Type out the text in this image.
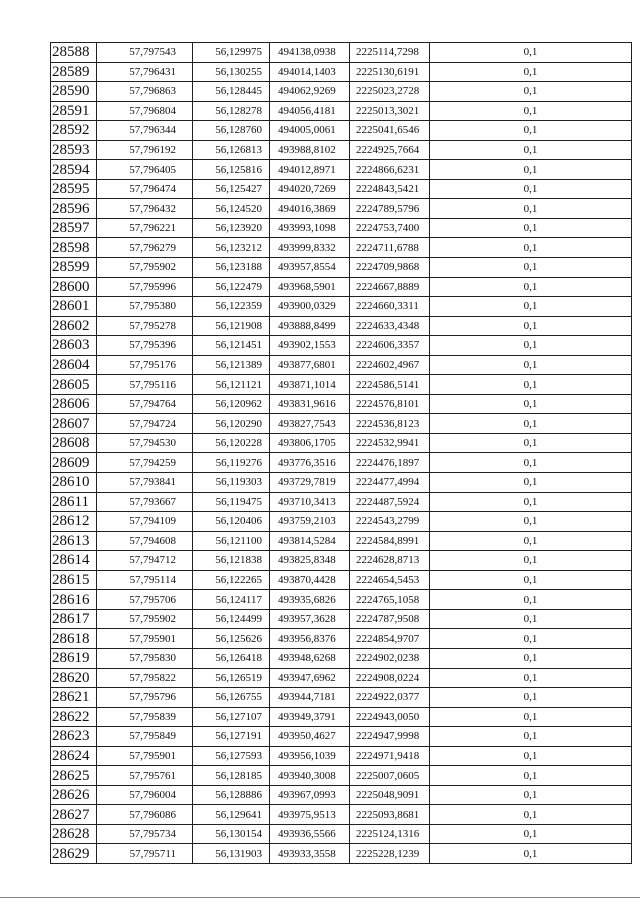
28588	57,797543	56,129975	494138,0938	2225114,7298	0,1
28589	57,796431	56,130255	494014,1403	2225130,6191	0,1
28590	57,796863	56,128445	494062,9269	2225023,2728	0,1
28591	57,796804	56,128278	494056,4181	2225013,3021	0,1
28592	57,796344	56,128760	494005,0061	2225041,6546	0,1
28593	57,796192	56,126813	493988,8102	2224925,7664	0,1
28594	57,796405	56,125816	494012,8971	2224866,6231	0,1
28595	57,796474	56,125427	494020,7269	2224843,5421	0,1
28596	57,796432	56,124520	494016,3869	2224789,5796	0,1
28597	57,796221	56,123920	493993,1098	2224753,7400	0,1
28598	57,796279	56,123212	493999,8332	2224711,6788	0,1
28599	57,795902	56,123188	493957,8554	2224709,9868	0,1
28600	57,795996	56,122479	493968,5901	2224667,8889	0,1
28601	57,795380	56,122359	493900,0329	2224660,3311	0,1
28602	57,795278	56,121908	493888,8499	2224633,4348	0,1
28603	57,795396	56,121451	493902,1553	2224606,3357	0,1
28604	57,795176	56,121389	493877,6801	2224602,4967	0,1
28605	57,795116	56,121121	493871,1014	2224586,5141	0,1
28606	57,794764	56,120962	493831,9616	2224576,8101	0,1
28607	57,794724	56,120290	493827,7543	2224536,8123	0,1
28608	57,794530	56,120228	493806,1705	2224532,9941	0,1
28609	57,794259	56,119276	493776,3516	2224476,1897	0,1
28610	57,793841	56,119303	493729,7819	2224477,4994	0,1
28611	57,793667	56,119475	493710,3413	2224487,5924	0,1
28612	57,794109	56,120406	493759,2103	2224543,2799	0,1
28613	57,794608	56,121100	493814,5284	2224584,8991	0,1
28614	57,794712	56,121838	493825,8348	2224628,8713	0,1
28615	57,795114	56,122265	493870,4428	2224654,5453	0,1
28616	57,795706	56,124117	493935,6826	2224765,1058	0,1
28617	57,795902	56,124499	493957,3628	2224787,9508	0,1
28618	57,795901	56,125626	493956,8376	2224854,9707	0,1
28619	57,795830	56,126418	493948,6268	2224902,0238	0,1
28620	57,795822	56,126519	493947,6962	2224908,0224	0,1
28621	57,795796	56,126755	493944,7181	2224922,0377	0,1
28622	57,795839	56,127107	493949,3791	2224943,0050	0,1
28623	57,795849	56,127191	493950,4627	2224947,9998	0,1
28624	57,795901	56,127593	493956,1039	2224971,9418	0,1
28625	57,795761	56,128185	493940,3008	2225007,0605	0,1
28626	57,796004	56,128886	493967,0993	2225048,9091	0,1
28627	57,796086	56,129641	493975,9513	2225093,8681	0,1
28628	57,795734	56,130154	493936,5566	2225124,1316	0,1
28629	57,795711	56,131903	493933,3558	2225228,1239	0,1
